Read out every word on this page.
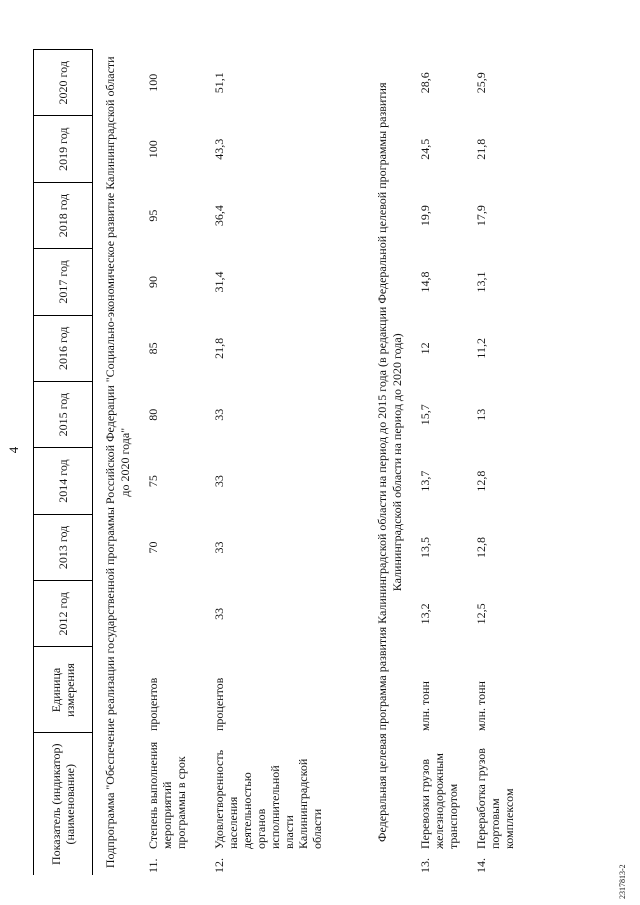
4
2317813-2
Показатель (индикатор) (наименование)		Единица измерения	2012 год	2013 год	2014 год	2015 год	2016 год	2017 год	2018 год	2019 год	2020 год
Подпрограмма "Обеспечение реализации государственной программы Российской Федерации "Социально-экономическое развитие Калининградской области до 2020 года"											
11.	Степень выполнения мероприятий программы в срок	процентов		70	75	80	85	90	95	100	100
12.	Удовлетворенность населения деятельностью органов исполнительной власти Калининградской области	процентов	33	33	33	33	21,8	31,4	36,4	43,3	51,1
Федеральная целевая программа развития Калининградской области на период до 2015 года (в редакции Федеральной целевой программы развития Калининградской области на период до 2020 года)											
13.	Перевозки грузов железнодорожным транспортом	млн. тонн	13,2	13,5	13,7	15,7	12	14,8	19,9	24,5	28,6
14.	Переработка грузов портовым комплексом	млн. тонн	12,5	12,8	12,8	13	11,2	13,1	17,9	21,8	25,9
